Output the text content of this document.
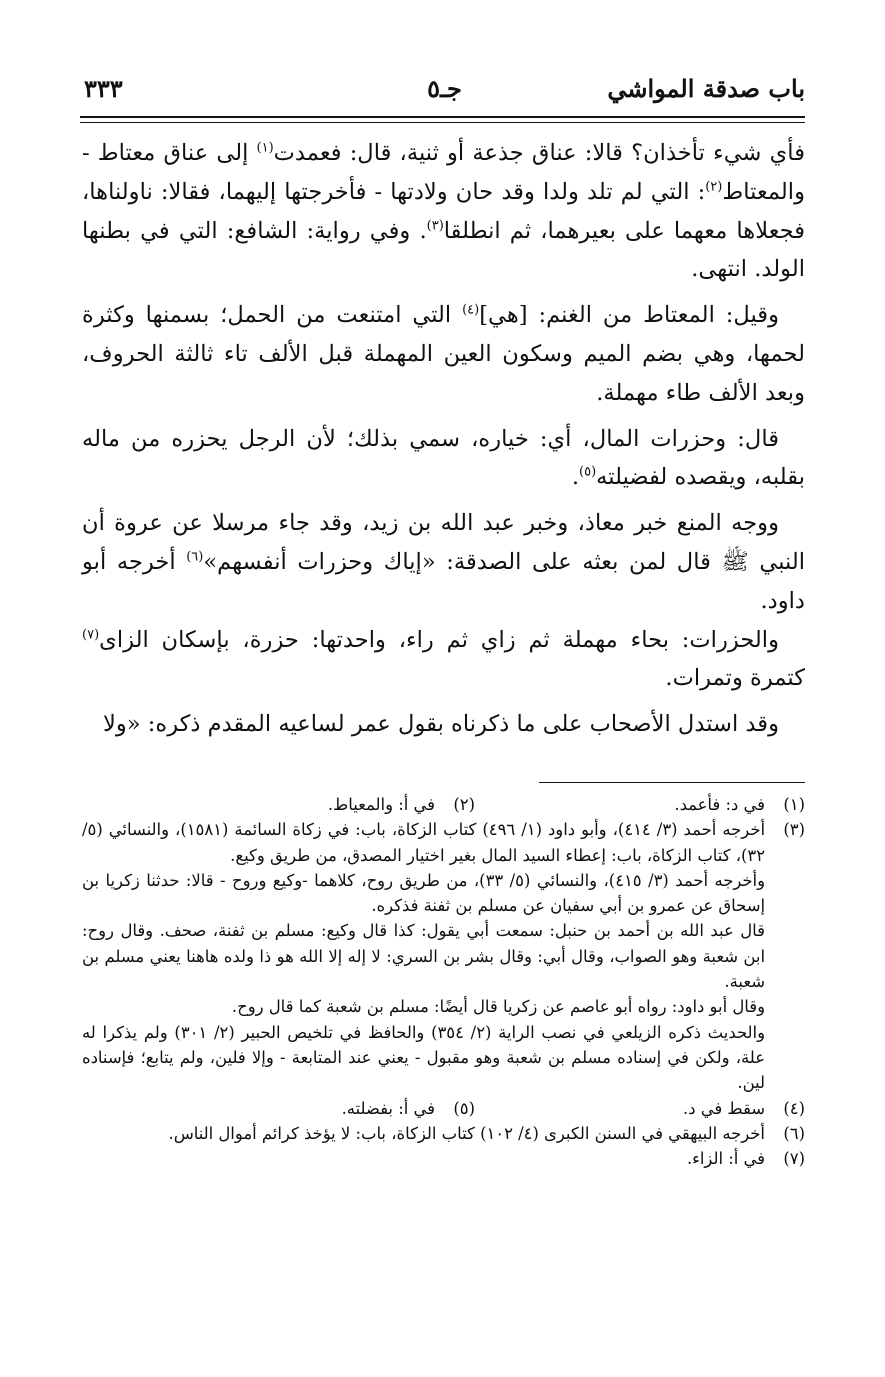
باب صدقة المواشي
جـ٥
٣٣٣

فأي شيء تأخذان؟ قالا: عناق جذعة أو ثنية، قال: فعمدت$^{(١)}$ إلى عناق معتاط - والمعتاط$^{(٢)}$: التي لم تلد ولدا وقد حان ولادتها - فأخرجتها إليهما، فقالا: ناولناها، فجعلاها معهما على بعيرهما، ثم انطلقا$^{(٣)}$. وفي رواية: الشافع: التي في بطنها الولد. انتهى.

وقيل: المعتاط من الغنم: [هي]$^{(٤)}$ التي امتنعت من الحمل؛ بسمنها وكثرة لحمها، وهي بضم الميم وسكون العين المهملة قبل الألف تاء ثالثة الحروف، وبعد الألف طاء مهملة.

قال: وحزرات المال، أي: خياره، سمي بذلك؛ لأن الرجل يحزره من ماله بقلبه، ويقصده لفضيلته$^{(٥)}$.

ووجه المنع خبر معاذ، وخبر عبد الله بن زيد، وقد جاء مرسلا عن عروة أن النبي ﷺ قال لمن بعثه على الصدقة: «إياك وحزرات أنفسهم»$^{(٦)}$ أخرجه أبو داود.

والحزرات: بحاء مهملة ثم زاي ثم راء، واحدتها: حزرة، بإسكان الزاى$^{(٧)}$ كتمرة وتمرات.

وقد استدل الأصحاب على ما ذكرناه بقول عمر لساعيه المقدم ذكره: «ولا

(١)
في د: فأعمد.
(٢)
في أ: والمعياط.
(٣)

أخرجه أحمد (٣/ ٤١٤)، وأبو داود (١/ ٤٩٦) كتاب الزكاة، باب: في زكاة السائمة (١٥٨١)، والنسائي (٥/ ٣٢)، كتاب الزكاة، باب: إعطاء السيد المال بغير اختيار المصدق، من طريق وكيع.

وأخرجه أحمد (٣/ ٤١٥)، والنسائي (٥/ ٣٣)، من طريق روح، كلاهما -وكيع وروح - قالا: حدثنا زكريا بن إسحاق عن عمرو بن أبي سفيان عن مسلم بن ثفنة فذكره.

قال عبد الله بن أحمد بن حنبل: سمعت أبي يقول: كذا قال وكيع: مسلم بن ثفنة، صحف. وقال روح: ابن شعبة وهو الصواب، وقال أبي: وقال بشر بن السري: لا إله إلا الله هو ذا ولده هاهنا يعني مسلم بن شعبة.

وقال أبو داود: رواه أبو عاصم عن زكريا قال أيضًا: مسلم بن شعبة كما قال روح.

والحديث ذكره الزيلعي في نصب الراية (٢/ ٣٥٤) والحافظ في تلخيص الحبير (٢/ ٣٠١) ولم يذكرا له علة، ولكن في إسناده مسلم بن شعبة وهو مقبول - يعني عند المتابعة - وإلا فلين، ولم يتابع؛ فإسناده لين.

(٤)
سقط في د.
(٥)
في أ: بفضلته.
(٦)
أخرجه البيهقي في السنن الكبرى (٤/ ١٠٢) كتاب الزكاة، باب: لا يؤخذ كرائم أموال الناس.
(٧)
في أ: الزاء.
